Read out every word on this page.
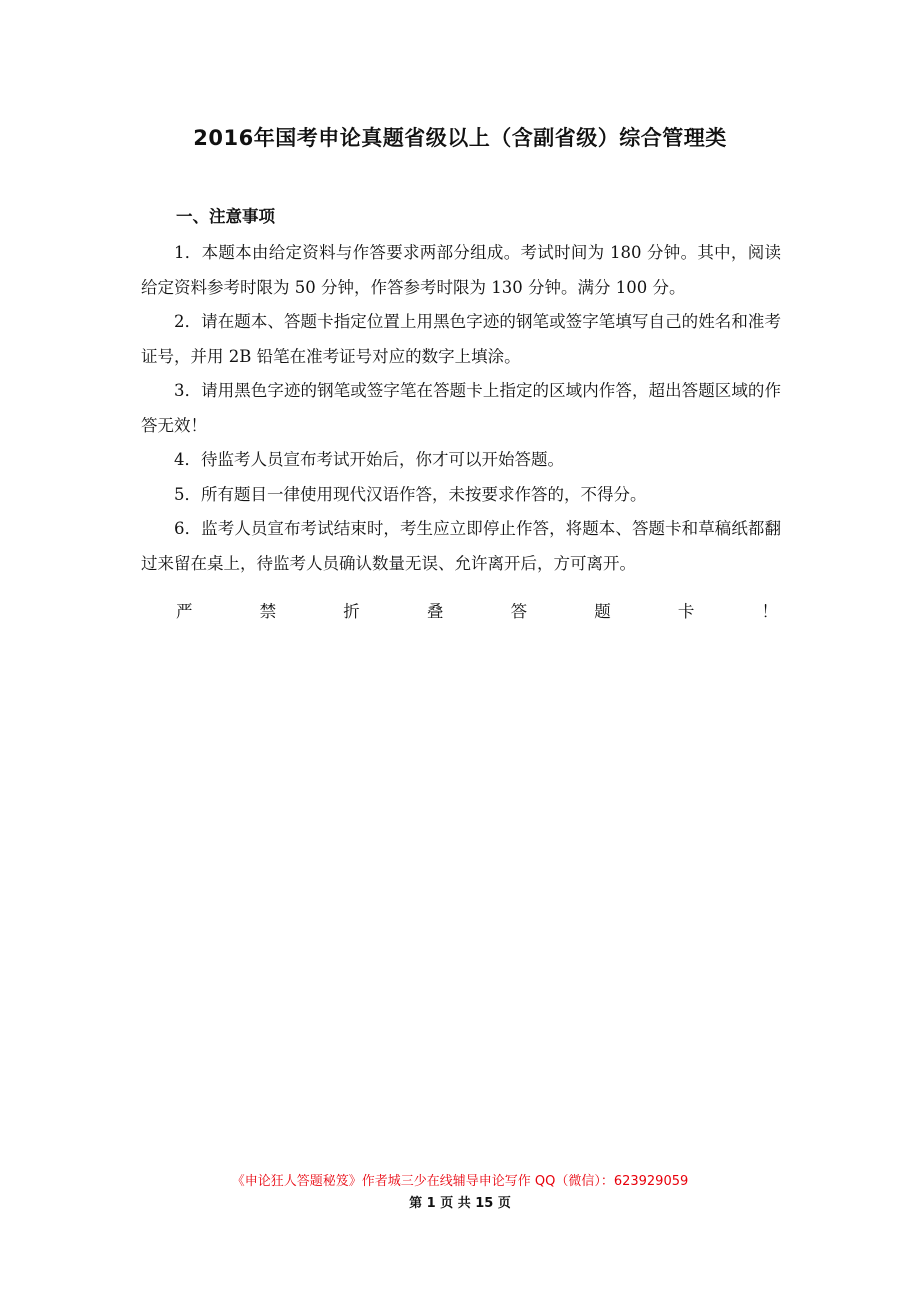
2016年国考申论真题省级以上（含副省级）综合管理类
一、注意事项

1．本题本由给定资料与作答要求两部分组成。考试时间为 180 分钟。其中，阅读给定资料参考时限为 50 分钟，作答参考时限为 130 分钟。满分 100 分。

2．请在题本、答题卡指定位置上用黑色字迹的钢笔或签字笔填写自己的姓名和准考证号，并用 2B 铅笔在准考证号对应的数字上填涂。

3．请用黑色字迹的钢笔或签字笔在答题卡上指定的区域内作答，超出答题区域的作答无效！

4．待监考人员宣布考试开始后，你才可以开始答题。

5．所有题目一律使用现代汉语作答，未按要求作答的，不得分。

6．监考人员宣布考试结束时，考生应立即停止作答，将题本、答题卡和草稿纸都翻过来留在桌上，待监考人员确认数量无误、允许离开后，方可离开。

严	禁	折	叠	答	题	卡	！
《申论狂人答题秘笈》作者城三少在线辅导申论写作 QQ（微信）：623929059
第 1 页 共 15 页
